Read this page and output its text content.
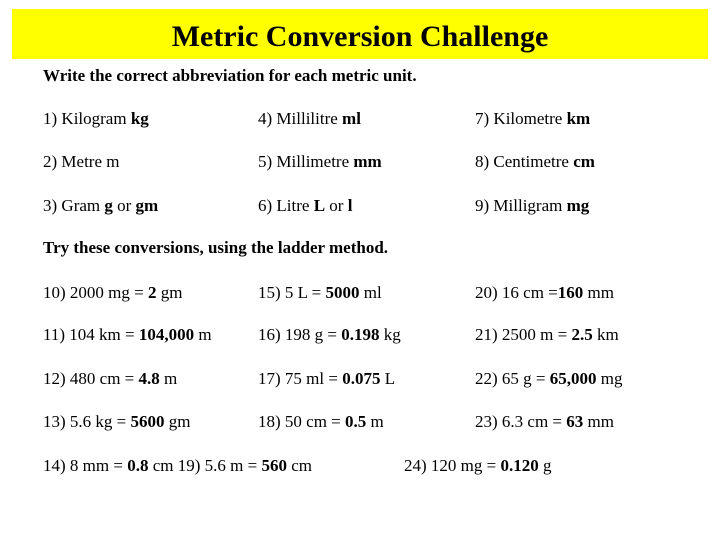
Metric Conversion Challenge
Write the correct abbreviation for each metric unit.
1) Kilogram kg	4) Millilitre ml	7) Kilometre km
2) Metre m	5) Millimetre mm	8) Centimetre cm
3) Gram g or gm	6) Litre L or l	9) Milligram mg
Try these conversions, using the ladder method.
10) 2000 mg = 2 gm	15) 5 L = 5000 ml	20) 16 cm =160 mm
11) 104 km = 104,000 m	16) 198 g = 0.198 kg	21) 2500 m = 2.5 km
12) 480 cm = 4.8 m	17) 75 ml = 0.075 L	22) 65 g = 65,000 mg
13) 5.6 kg = 5600 gm	18) 50 cm = 0.5 m	23) 6.3 cm = 63 mm
14) 8 mm = 0.8 cm 19) 5.6 m = 560 cm	24) 120 mg = 0.120 g
